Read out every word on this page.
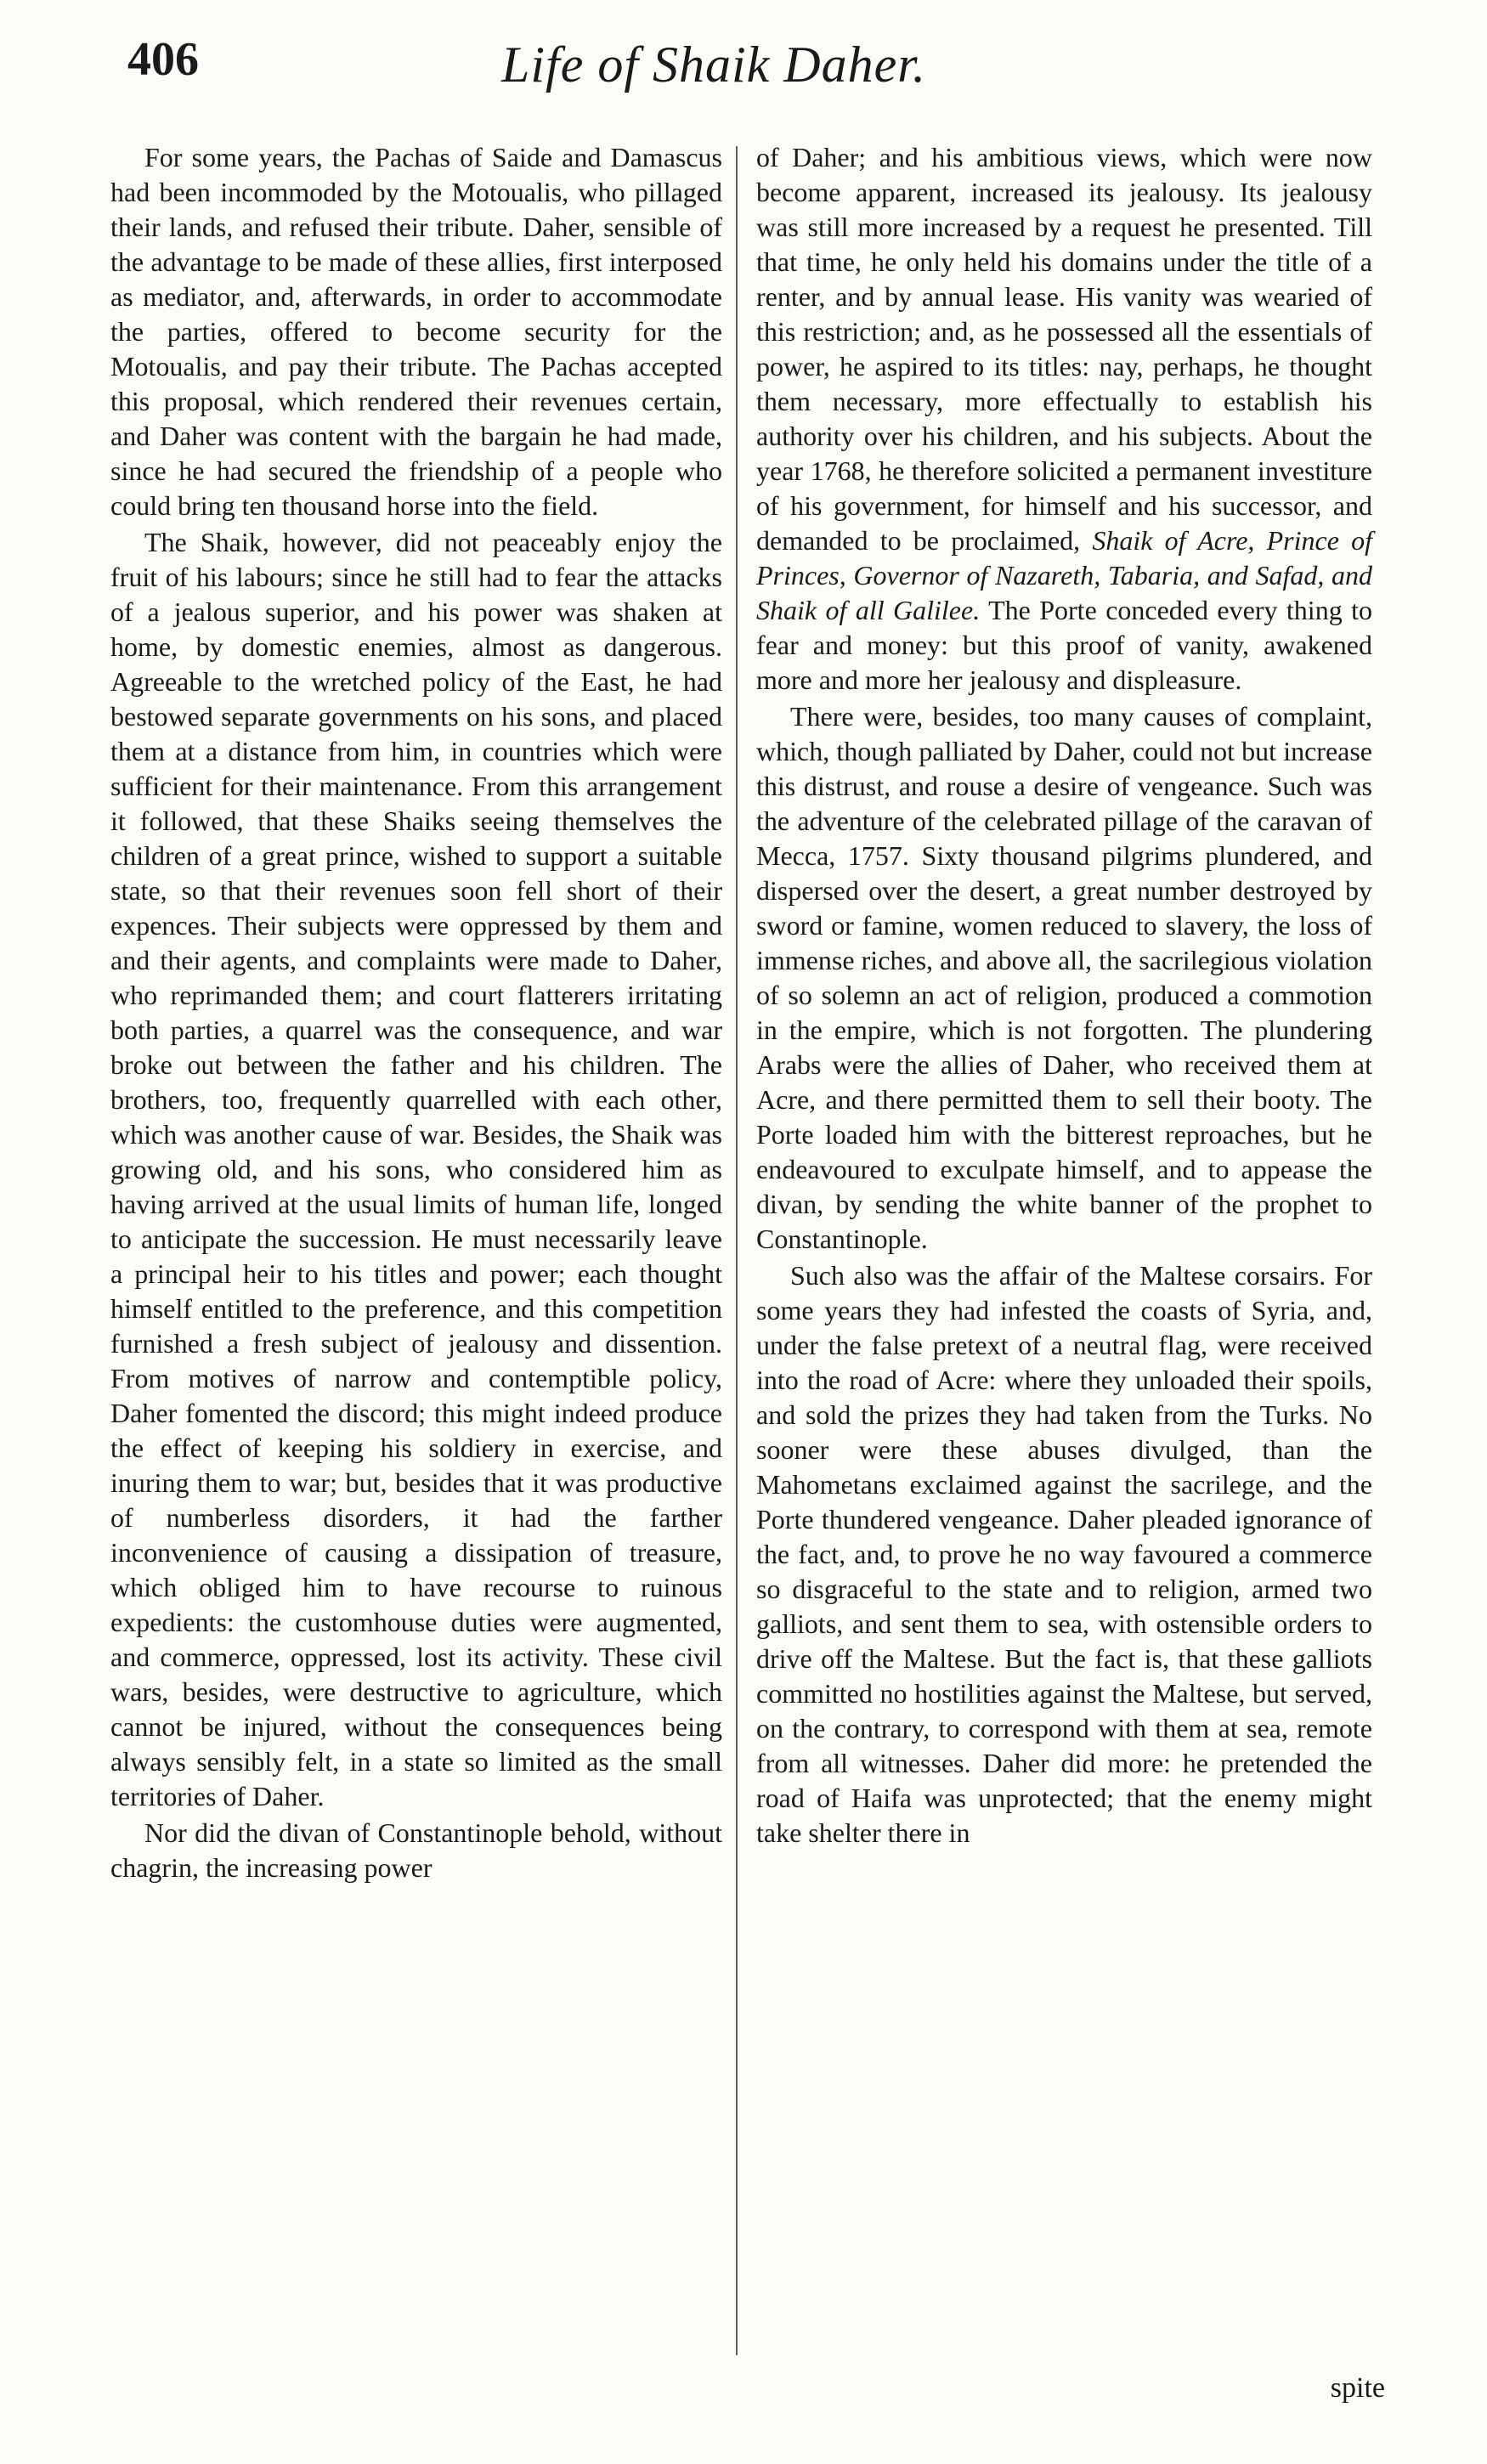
406	Life of Shaik Daher.

For some years, the Pachas of Saide and Damascus had been incommoded by the Motoualis, who pillaged their lands, and refused their tribute. Daher, sensible of the advantage to be made of these allies, first interposed as mediator, and, afterwards, in order to accommodate the parties, offered to become security for the Motoualis, and pay their tribute. The Pachas accepted this proposal, which rendered their revenues certain, and Daher was content with the bargain he had made, since he had secured the friendship of a people who could bring ten thousand horse into the field.

The Shaik, however, did not peaceably enjoy the fruit of his labours; since he still had to fear the attacks of a jealous superior, and his power was shaken at home, by domestic enemies, almost as dangerous. Agreeable to the wretched policy of the East, he had bestowed separate governments on his sons, and placed them at a distance from him, in countries which were sufficient for their maintenance. From this arrangement it followed, that these Shaiks seeing themselves the children of a great prince, wished to support a suitable state, so that their revenues soon fell short of their expences. Their subjects were oppressed by them and and their agents, and complaints were made to Daher, who reprimanded them; and court flatterers irritating both parties, a quarrel was the consequence, and war broke out between the father and his children. The brothers, too, frequently quarrelled with each other, which was another cause of war. Besides, the Shaik was growing old, and his sons, who considered him as having arrived at the usual limits of human life, longed to anticipate the succession. He must necessarily leave a principal heir to his titles and power; each thought himself entitled to the preference, and this competition furnished a fresh subject of jealousy and dissention. From motives of narrow and contemptible policy, Daher fomented the discord; this might indeed produce the effect of keeping his soldiery in exercise, and inuring them to war; but, besides that it was productive of numberless disorders, it had the farther inconvenience of causing a dissipation of treasure, which obliged him to have recourse to ruinous expedients: the customhouse duties were augmented, and commerce, oppressed, lost its activity. These civil wars, besides, were destructive to agriculture, which cannot be injured, without the consequences being always sensibly felt, in a state so limited as the small territories of Daher.

Nor did the divan of Constantinople behold, without chagrin, the increasing power

of Daher; and his ambitious views, which were now become apparent, increased its jealousy. Its jealousy was still more increased by a request he presented. Till that time, he only held his domains under the title of a renter, and by annual lease. His vanity was wearied of this restriction; and, as he possessed all the essentials of power, he aspired to its titles: nay, perhaps, he thought them necessary, more effectually to establish his authority over his children, and his subjects. About the year 1768, he therefore solicited a permanent investiture of his government, for himself and his successor, and demanded to be proclaimed, Shaik of Acre, Prince of Princes, Governor of Nazareth, Tabaria, and Safad, and Shaik of all Galilee. The Porte conceded every thing to fear and money: but this proof of vanity, awakened more and more her jealousy and displeasure.

There were, besides, too many causes of complaint, which, though palliated by Daher, could not but increase this distrust, and rouse a desire of vengeance. Such was the adventure of the celebrated pillage of the caravan of Mecca, 1757. Sixty thousand pilgrims plundered, and dispersed over the desert, a great number destroyed by sword or famine, women reduced to slavery, the loss of immense riches, and above all, the sacrilegious violation of so solemn an act of religion, produced a commotion in the empire, which is not forgotten. The plundering Arabs were the allies of Daher, who received them at Acre, and there permitted them to sell their booty. The Porte loaded him with the bitterest reproaches, but he endeavoured to exculpate himself, and to appease the divan, by sending the white banner of the prophet to Constantinople.

Such also was the affair of the Maltese corsairs. For some years they had infested the coasts of Syria, and, under the false pretext of a neutral flag, were received into the road of Acre: where they unloaded their spoils, and sold the prizes they had taken from the Turks. No sooner were these abuses divulged, than the Mahometans exclaimed against the sacrilege, and the Porte thundered vengeance. Daher pleaded ignorance of the fact, and, to prove he no way favoured a commerce so disgraceful to the state and to religion, armed two galliots, and sent them to sea, with ostensible orders to drive off the Maltese. But the fact is, that these galliots committed no hostilities against the Maltese, but served, on the contrary, to correspond with them at sea, remote from all witnesses. Daher did more: he pretended the road of Haifa was unprotected; that the enemy might take shelter there in

spite
